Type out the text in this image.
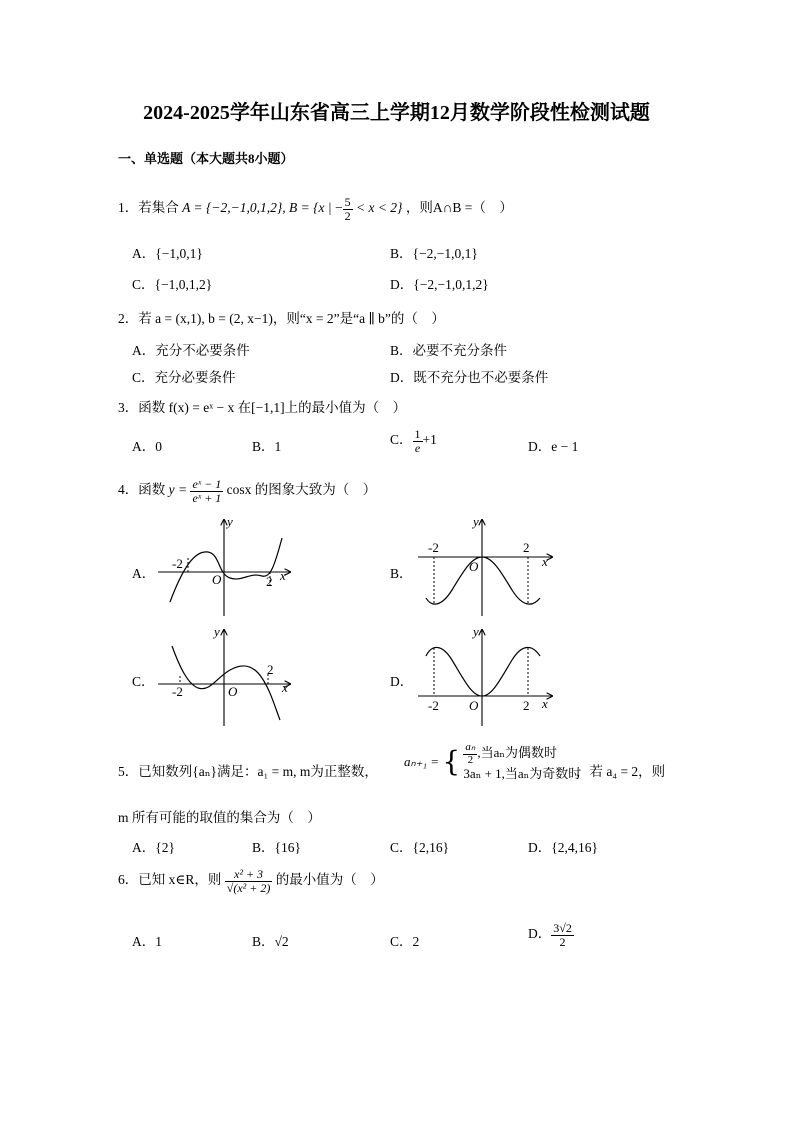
2024-2025学年山东省高三上学期12月数学阶段性检测试题
一、单选题（本大题共8小题）
1．若集合 A = {−2,−1,0,1,2}, B = {x | − $\frac{5}{2} < x < 2$} ，则A∩B =（　）
A．{−1,0,1}	B．{−2,−1,0,1}
C．{−1,0,1,2}	D．{−2,−1,0,1,2}
2．若 a = (x,1), b = (2, x−1)，则“x = 2”是“a ∥ b”的（　）
A．充分不必要条件	B．必要不充分条件
C．充分必要条件	D．既不充分也不必要条件
3．函数 f(x) = eˣ − x 在[−1,1]上的最小值为（　）
A．0	B．1	C． $\frac{1}{e} +1$	D．e − 1
4．函数 $y = \frac{\text{eˣ − 1}}{\text{eˣ + 1}}$ cosx 的图象大致为（　）
A．	B．
C．	D．
x
y
O
-2
2
x
y
O
-2	2
x
y
O
-2
2
x
y
O
-2	2
5．已知数列{aₙ}满足：a₁ = m, m为正整数，
aₙ₊₁ = { $\frac{\text{aₙ}}{2}$ ,当aₙ为偶数时
3aₙ + 1,当aₙ为奇数时
，若 a₄ = 2，则
m 所有可能的取值的集合为（　）
A．{2}	B．{16}	C．{2,16}	D．{2,4,16}
6．已知 x∈R，则 $\frac{\text{x² + 3}}{\text{√(x² + 2)}}$ 的最小值为（　）
A．1	B．√2	C．2
D． $\frac{3√2}{2}$
